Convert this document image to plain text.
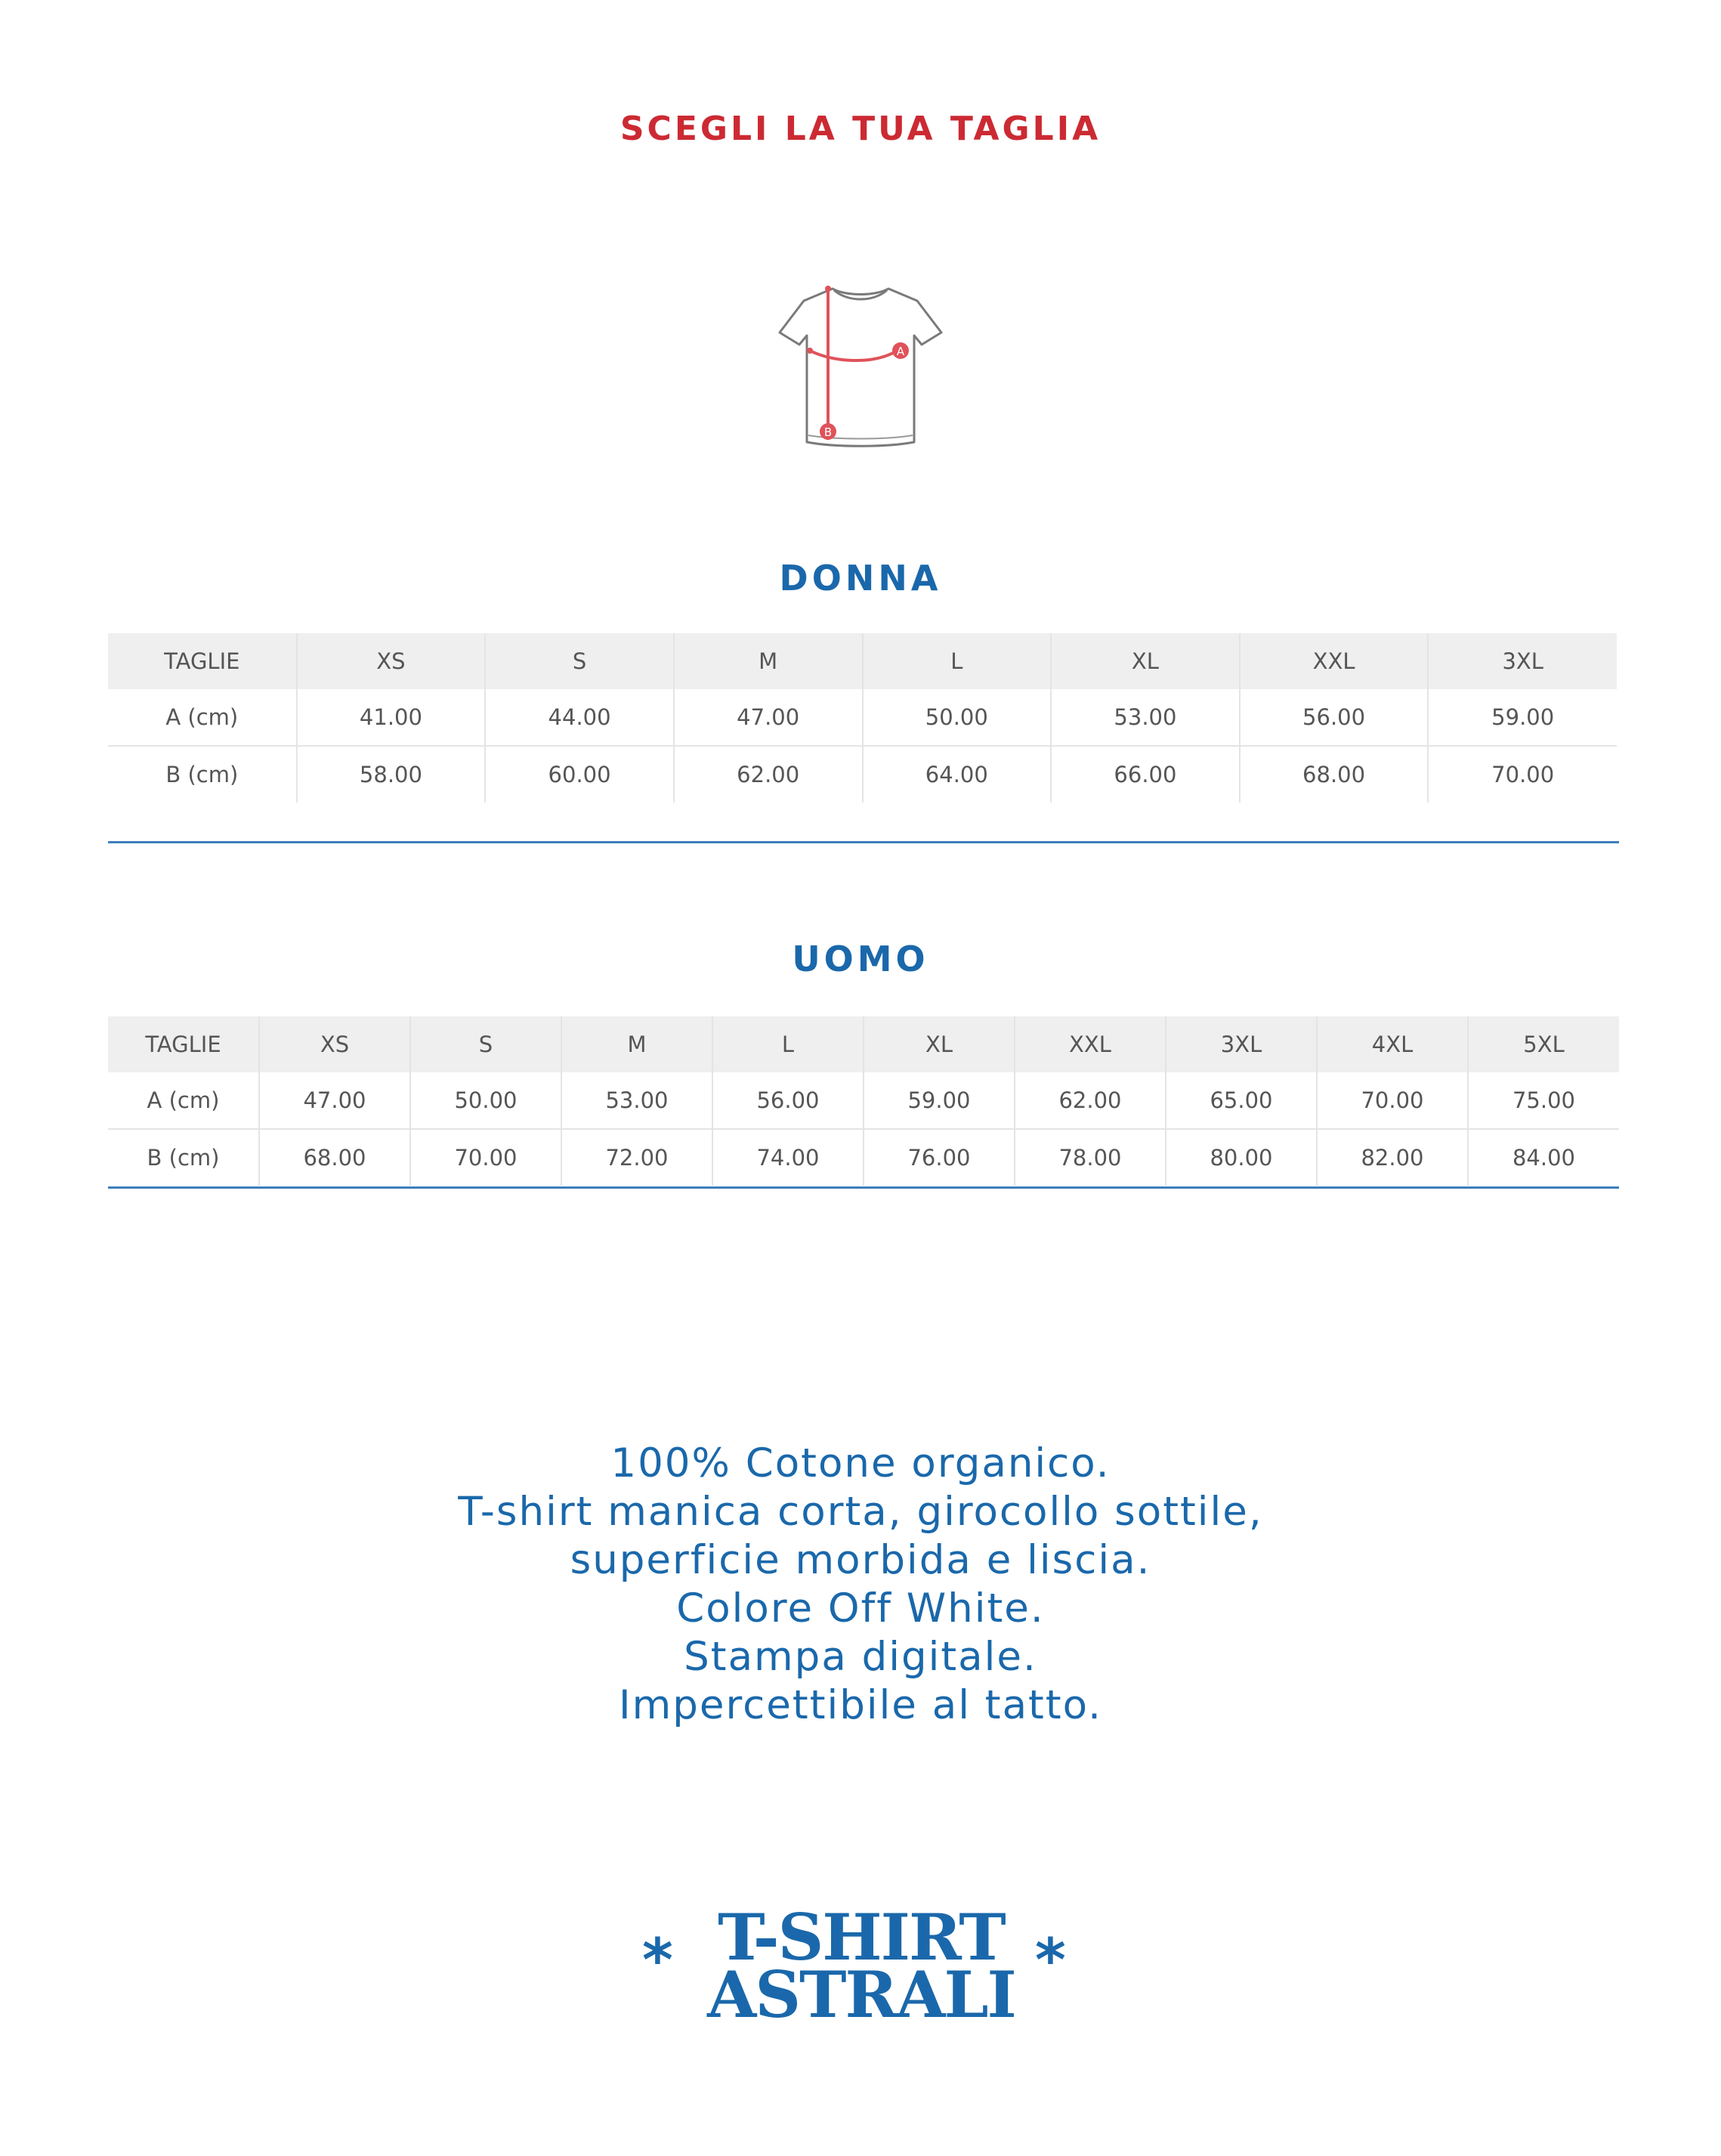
SCEGLI LA TUA TAGLIA
A
B
DONNA
TAGLIE	XS	S	M	L	XL	XXL	3XL
A (cm)	41.00	44.00	47.00	50.00	53.00	56.00	59.00
B (cm)	58.00	60.00	62.00	64.00	66.00	68.00	70.00
UOMO
TAGLIE	XS	S	M	L	XL	XXL	3XL	4XL	5XL
A (cm)	47.00	50.00	53.00	56.00	59.00	62.00	65.00	70.00	75.00
B (cm)	68.00	70.00	72.00	74.00	76.00	78.00	80.00	82.00	84.00
100% Cotone organico.
T-shirt manica corta, girocollo sottile,
superficie morbida e liscia.
Colore Off White.
Stampa digitale.
Impercettibile al tatto.
* T-SHIRT
ASTRALI *
